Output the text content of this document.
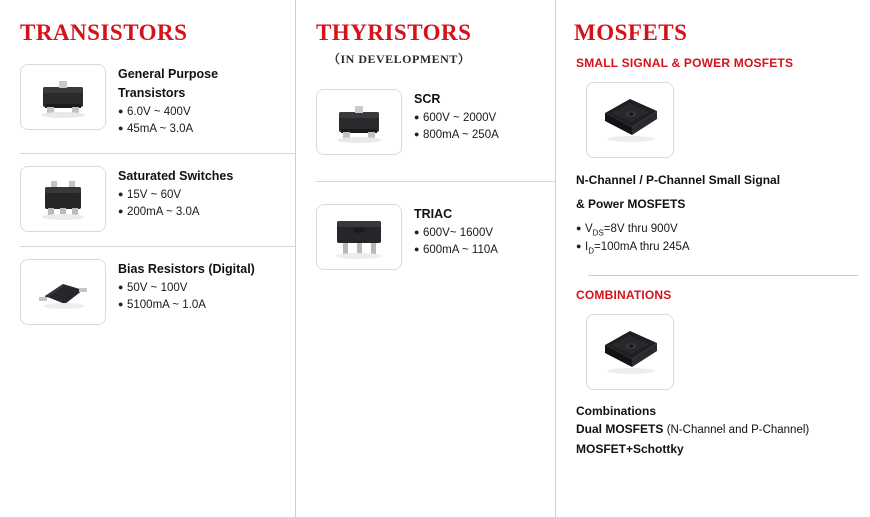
TRANSISTORS
General Purpose
Transistors
● 6.0V ~ 400V
● 45mA ~ 3.0A
Saturated Switches
● 15V ~ 60V
● 200mA ~ 3.0A
Bias Resistors (Digital)
● 50V ~ 100V
● 5100mA ~ 1.0A
THYRISTORS
（IN DEVELOPMENT）
SCR
● 600V ~ 2000V
● 800mA ~ 250A
TRIAC
● 600V~ 1600V
● 600mA ~ 110A
MOSFETS
SMALL SIGNAL & POWER MOSFETS
N-Channel / P-Channel Small Signal
& Power MOSFETS
● $V_{DS}=8V$ thru 900V
● $I_D=100mA$ thru 245A
COMBINATIONS
Combinations
Dual MOSFETS (N-Channel and P-Channel)
MOSFET+Schottky
